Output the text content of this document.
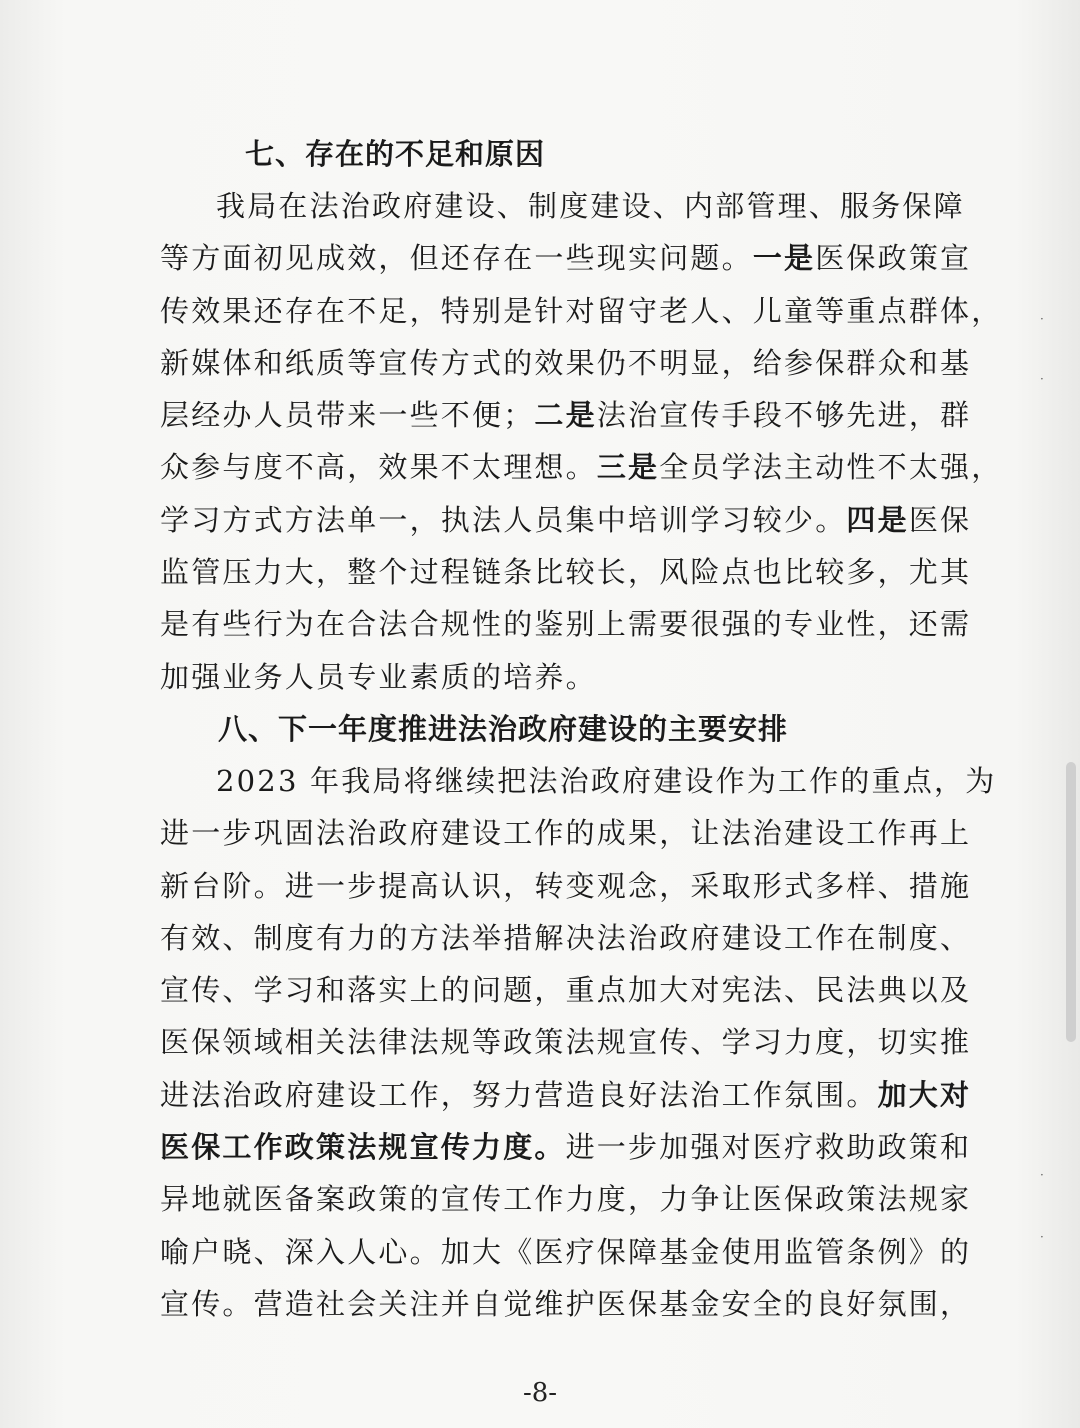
七、存在的不足和原因
我局在法治政府建设、制度建设、内部管理、服务保障
等方面初见成效，但还存在一些现实问题。一是医保政策宣
传效果还存在不足，特别是针对留守老人、儿童等重点群体，
新媒体和纸质等宣传方式的效果仍不明显，给参保群众和基
层经办人员带来一些不便；二是法治宣传手段不够先进，群
众参与度不高，效果不太理想。三是全员学法主动性不太强，
学习方式方法单一，执法人员集中培训学习较少。四是医保
监管压力大，整个过程链条比较长，风险点也比较多，尤其
是有些行为在合法合规性的鉴别上需要很强的专业性，还需
加强业务人员专业素质的培养。
八、下一年度推进法治政府建设的主要安排
2023 年我局将继续把法治政府建设作为工作的重点，为
进一步巩固法治政府建设工作的成果，让法治建设工作再上
新台阶。进一步提高认识，转变观念，采取形式多样、措施
有效、制度有力的方法举措解决法治政府建设工作在制度、
宣传、学习和落实上的问题，重点加大对宪法、民法典以及
医保领域相关法律法规等政策法规宣传、学习力度，切实推
进法治政府建设工作，努力营造良好法治工作氛围。加大对
医保工作政策法规宣传力度。进一步加强对医疗救助政策和
异地就医备案政策的宣传工作力度，力争让医保政策法规家
喻户晓、深入人心。加大《医疗保障基金使用监管条例》的
宣传。营造社会关注并自觉维护医保基金安全的良好氛围，
-8-
·
·
·
·
